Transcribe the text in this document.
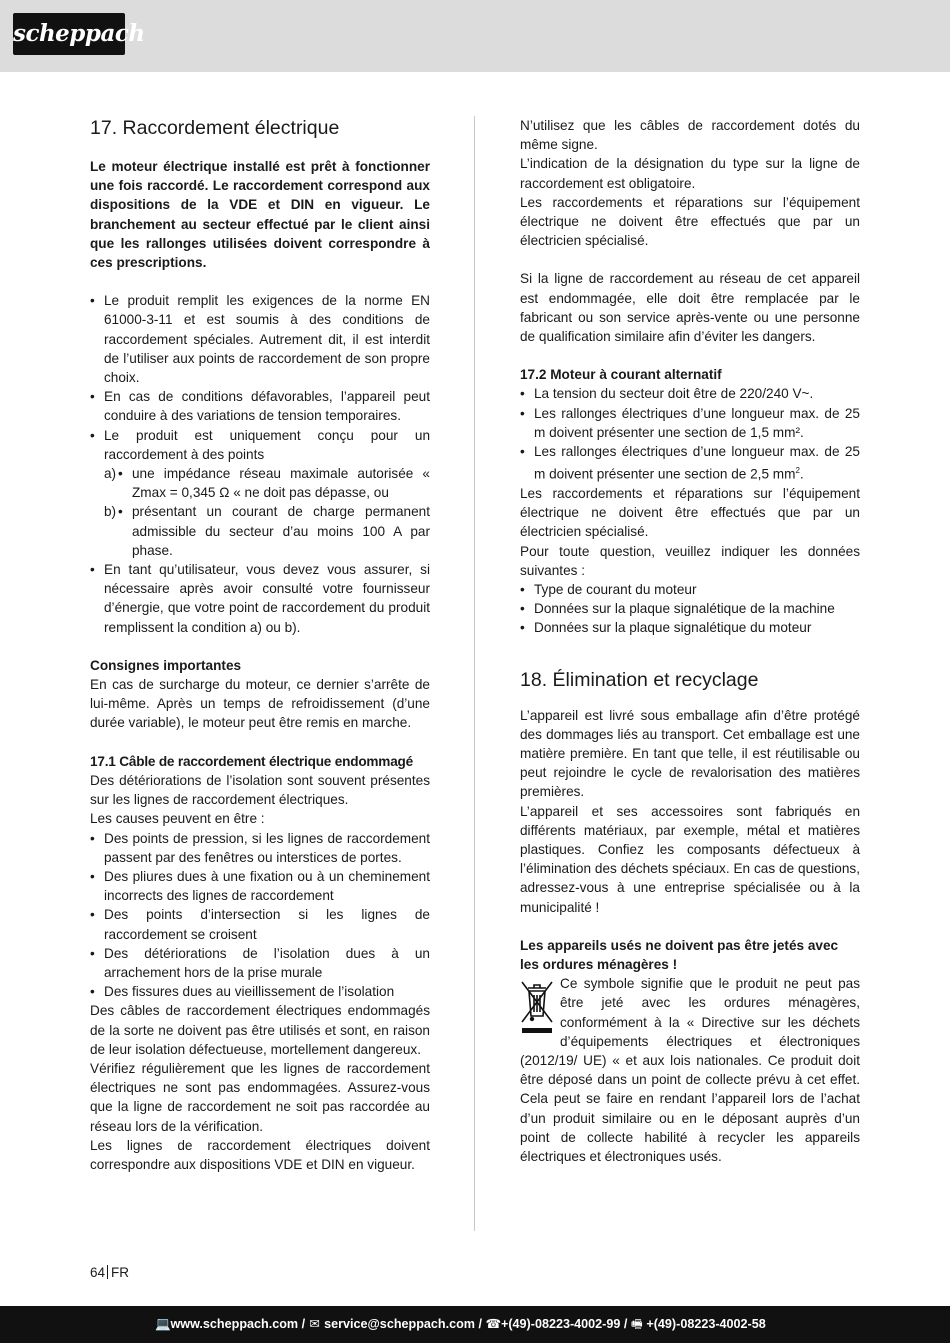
scheppach
17. Raccordement électrique

Le moteur électrique installé est prêt à fonctionner une fois raccordé. Le raccordement correspond aux dispositions de la VDE et DIN en vigueur. Le branchement au secteur effectué par le client ainsi que les rallonges utilisées doivent correspondre à ces prescriptions.

• Le produit remplit les exigences de la norme EN 61000-3-11 et est soumis à des conditions de raccordement spéciales. Autrement dit, il est interdit de l’utiliser aux points de raccordement de son propre choix.
• En cas de conditions défavorables, l’appareil peut conduire à des variations de tension temporaires.
• Le produit est uniquement conçu pour un raccordement à des points
• a) une impédance réseau maximale autorisée « Zmax = 0,345 Ω « ne doit pas dépasse, ou
• b) présentant un courant de charge permanent admissible du secteur d’au moins 100 A par phase.
• En tant qu’utilisateur, vous devez vous assurer, si nécessaire après avoir consulté votre fournisseur d’énergie, que votre point de raccordement du produit remplissent la condition a) ou b).

Consignes importantes

En cas de surcharge du moteur, ce dernier s’arrête de lui-même. Après un temps de refroidissement (d’une durée variable), le moteur peut être remis en marche.

17.1 Câble de raccordement électrique endommagé

Des détériorations de l’isolation sont souvent présentes sur les lignes de raccordement électriques.

Les causes peuvent en être :

• Des points de pression, si les lignes de raccordement passent par des fenêtres ou interstices de portes.
• Des pliures dues à une fixation ou à un cheminement incorrects des lignes de raccordement
• Des points d’intersection si les lignes de raccordement se croisent
• Des détériorations de l’isolation dues à un arrachement hors de la prise murale
• Des fissures dues au vieillissement de l’isolation

Des câbles de raccordement électriques endommagés de la sorte ne doivent pas être utilisés et sont, en raison de leur isolation défectueuse, mortellement dangereux.

Vérifiez régulièrement que les lignes de raccordement électriques ne sont pas endommagées. Assurez-vous que la ligne de raccordement ne soit pas raccordée au réseau lors de la vérification.

Les lignes de raccordement électriques doivent correspondre aux dispositions VDE et DIN en vigueur.

N’utilisez que les câbles de raccordement dotés du même signe.

L’indication de la désignation du type sur la ligne de raccordement est obligatoire.

Les raccordements et réparations sur l’équipement électrique ne doivent être effectués que par un électricien spécialisé.

Si la ligne de raccordement au réseau de cet appareil est endommagée, elle doit être remplacée par le fabricant ou son service après-vente ou une personne de qualification similaire afin d’éviter les dangers.

17.2 Moteur à courant alternatif

• La tension du secteur doit être de 220/240 V~.
• Les rallonges électriques d’une longueur max. de 25 m doivent présenter une section de 1,5 mm².
• Les rallonges électriques d’une longueur max. de 25 m doivent présenter une section de 2,5 $mm^2$.

Les raccordements et réparations sur l’équipement électrique ne doivent être effectués que par un électricien spécialisé.

Pour toute question, veuillez indiquer les données suivantes :

• Type de courant du moteur
• Données sur la plaque signalétique de la machine
• Données sur la plaque signalétique du moteur
18. Élimination et recyclage

L’appareil est livré sous emballage afin d’être protégé des dommages liés au transport. Cet emballage est une matière première. En tant que telle, il est réutilisable ou peut rejoindre le cycle de revalorisation des matières premières.

L’appareil et ses accessoires sont fabriqués en différents matériaux, par exemple, métal et matières plastiques. Confiez les composants défectueux à l’élimination des déchets spéciaux. En cas de questions, adressez-vous à une entreprise spécialisée ou à la municipalité !

Les appareils usés ne doivent pas être jetés avec les ordures ménagères !

Ce symbole signifie que le produit ne peut pas être jeté avec les ordures ménagères, conformément à la « Directive sur les déchets d’équipements électriques et électroniques (2012/19/ UE) « et aux lois nationales. Ce produit doit être déposé dans un point de collecte prévu à cet effet. Cela peut se faire en rendant l’appareil lors de l’achat d’un produit similaire ou en le déposant auprès d’un point de collecte habilité à recycler les appareils électriques et électroniques usés.

64 FR
💻 www.scheppach.com / ✉ service@scheppach.com / ☎ +(49)-08223-4002-99 / 🖷 +(49)-08223-4002-58
